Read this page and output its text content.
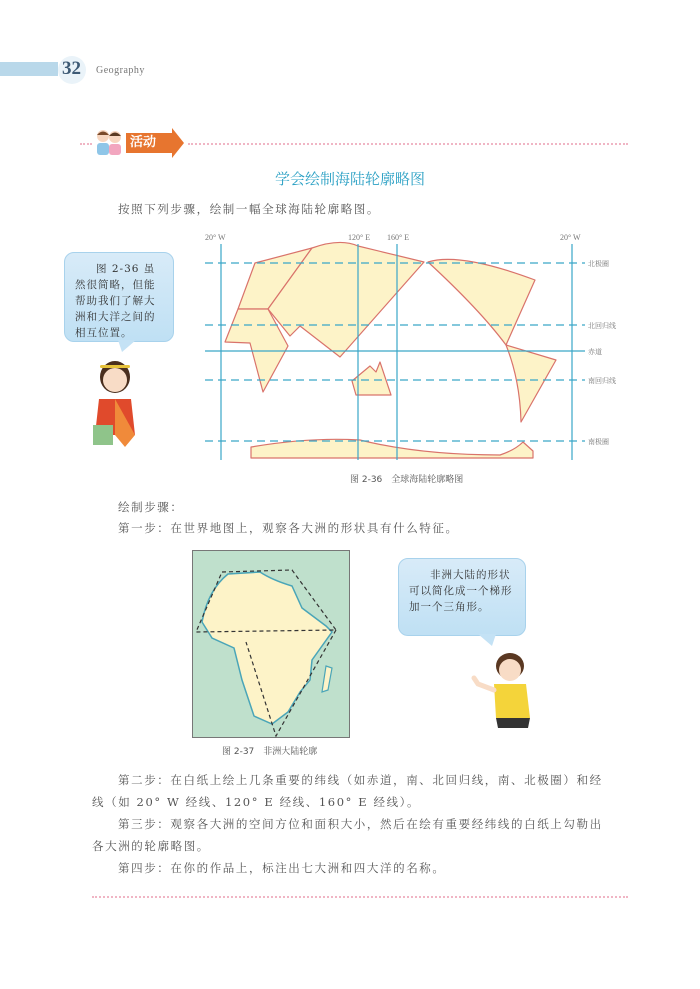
32 Geography
活动
学会绘制海陆轮廓略图
按照下列步骤，绘制一幅全球海陆轮廓略图。
20° W	120° E 160° E	20° W
北极圈
北回归线
赤道
南回归线
南极圈
图 2-36　全球海陆轮廓略图
图 2-36 虽然很简略，但能帮助我们了解大洲和大洋之间的相互位置。
绘制步骤：
第一步：在世界地图上，观察各大洲的形状具有什么特征。
图 2-37　非洲大陆轮廓
非洲大陆的形状可以简化成一个梯形加一个三角形。
第二步：在白纸上绘上几条重要的纬线（如赤道，南、北回归线，南、北极圈）和经
线（如 20° W 经线、120° E 经线、160° E 经线）。
第三步：观察各大洲的空间方位和面积大小，然后在绘有重要经纬线的白纸上勾勒出
各大洲的轮廓略图。
第四步：在你的作品上，标注出七大洲和四大洋的名称。
